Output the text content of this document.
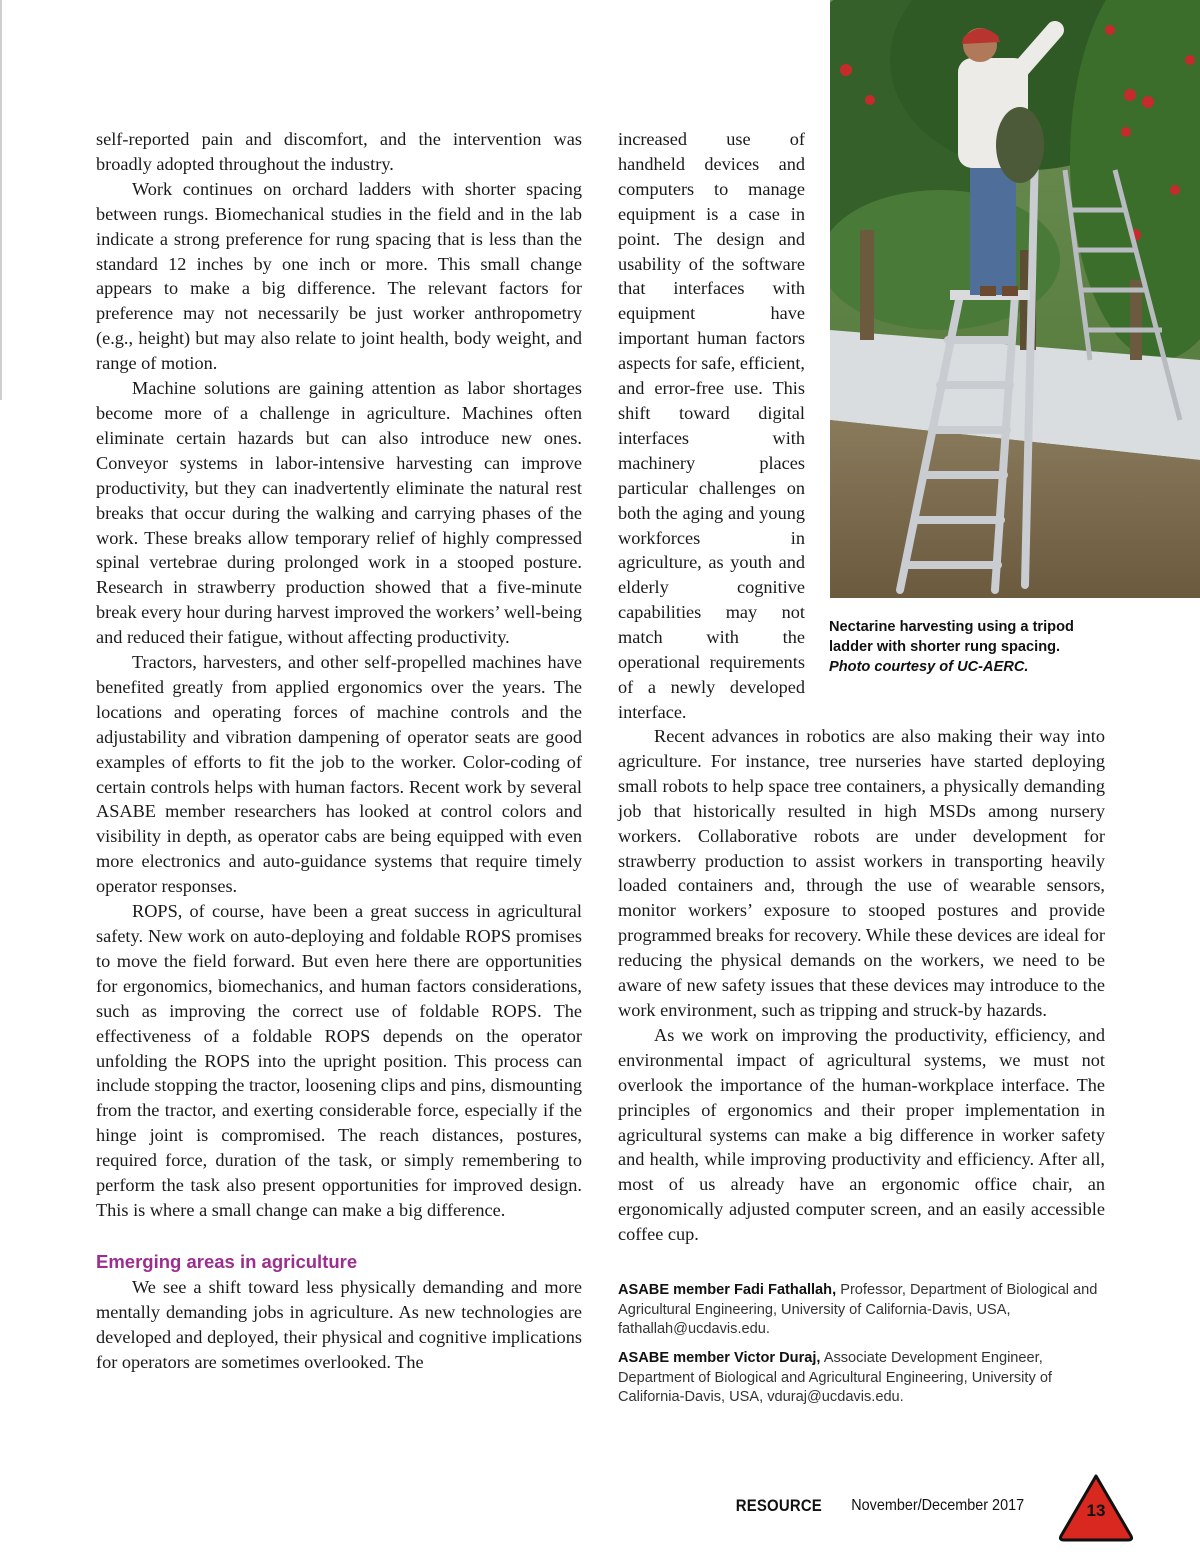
self-reported pain and discomfort, and the intervention was broadly adopted throughout the industry.

Work continues on orchard ladders with shorter spacing between rungs. Biomechanical studies in the field and in the lab indicate a strong preference for rung spacing that is less than the standard 12 inches by one inch or more. This small change appears to make a big difference. The relevant factors for preference may not necessarily be just worker anthropometry (e.g., height) but may also relate to joint health, body weight, and range of motion.

Machine solutions are gaining attention as labor shortages become more of a challenge in agriculture. Machines often eliminate certain hazards but can also introduce new ones. Conveyor systems in labor-intensive harvesting can improve productivity, but they can inadvertently eliminate the natural rest breaks that occur during the walking and carrying phases of the work. These breaks allow temporary relief of highly compressed spinal vertebrae during prolonged work in a stooped posture. Research in strawberry production showed that a five-minute break every hour during harvest improved the workers’ well-being and reduced their fatigue, without affecting productivity.

Tractors, harvesters, and other self-propelled machines have benefited greatly from applied ergonomics over the years. The locations and operating forces of machine controls and the adjustability and vibration dampening of operator seats are good examples of efforts to fit the job to the worker. Color-coding of certain controls helps with human factors. Recent work by several ASABE member researchers has looked at control colors and visibility in depth, as operator cabs are being equipped with even more electronics and auto-guidance systems that require timely operator responses.

ROPS, of course, have been a great success in agricultural safety. New work on auto-deploying and foldable ROPS promises to move the field forward. But even here there are opportunities for ergonomics, biomechanics, and human factors considerations, such as improving the correct use of foldable ROPS. The effectiveness of a foldable ROPS depends on the operator unfolding the ROPS into the upright position. This process can include stopping the tractor, loosening clips and pins, dismounting from the tractor, and exerting considerable force, especially if the hinge joint is compromised. The reach distances, postures, required force, duration of the task, or simply remembering to perform the task also present opportunities for improved design. This is where a small change can make a big difference.

Emerging areas in agriculture

We see a shift toward less physically demanding and more mentally demanding jobs in agriculture. As new technologies are developed and deployed, their physical and cognitive implications for operators are sometimes overlooked. The

increased use of handheld devices and computers to manage equipment is a case in point. The design and usability of the software that interfaces with equipment have important human factors aspects for safe, efficient, and error-free use. This shift toward digital interfaces with machinery places particular challenges on both the aging and young workforces in agriculture, as youth and elderly cognitive capabilities may not match with the operational requirements of a newly developed interface.

Recent advances in robotics are also making their way into agriculture. For instance, tree nurseries have started deploying small robots to help space tree containers, a physically demanding job that historically resulted in high MSDs among nursery workers. Collaborative robots are under development for strawberry production to assist workers in transporting heavily loaded containers and, through the use of wearable sensors, monitor workers’ exposure to stooped postures and provide programmed breaks for recovery. While these devices are ideal for reducing the physical demands on the workers, we need to be aware of new safety issues that these devices may introduce to the work environment, such as tripping and struck-by hazards.

As we work on improving the productivity, efficiency, and environmental impact of agricultural systems, we must not overlook the importance of the human-workplace interface. The principles of ergonomics and their proper implementation in agricultural systems can make a big difference in worker safety and health, while improving productivity and efficiency. After all, most of us already have an ergonomic office chair, an ergonomically adjusted computer screen, and an easily accessible coffee cup.

Nectarine harvesting using a tripod ladder with shorter rung spacing.
Photo courtesy of UC-AERC.
ASABE member Fadi Fathallah, Professor, Department of Biological and Agricultural Engineering, University of California-Davis, USA, fathallah@ucdavis.edu.
ASABE member Victor Duraj, Associate Development Engineer, Department of Biological and Agricultural Engineering, University of California-Davis, USA, vduraj@ucdavis.edu.
RESOURCE November/December 2017	13
